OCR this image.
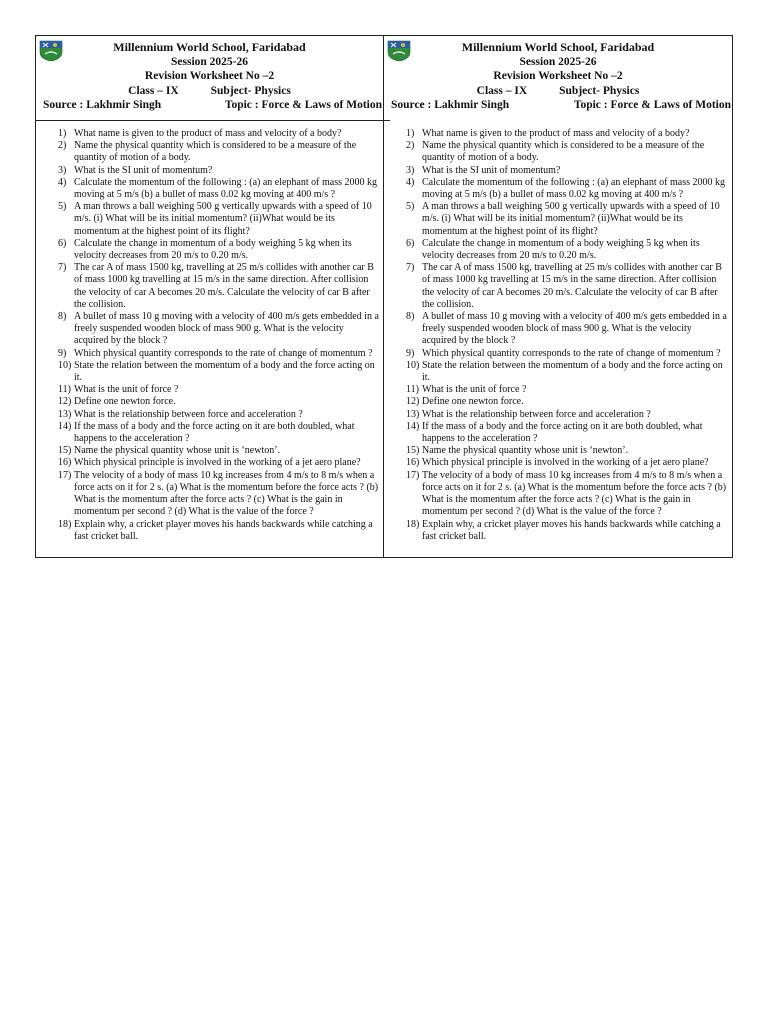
Millennium World School, Faridabad
Session 2025-26
Revision Worksheet No –2
Class – IX	Subject- Physics
Source : Lakhmir Singh	Topic : Force & Laws of Motion
1) What name is given to the product of mass and velocity of a body?
2) Name the physical quantity which is considered to be a measure of the quantity of motion of a body.
3) What is the SI unit of momentum?
4) Calculate the momentum of the following : (a) an elephant of mass 2000 kg moving at 5 m/s (b) a bullet of mass 0.02 kg moving at 400 m/s ?
5) A man throws a ball weighing 500 g vertically upwards with a speed of 10 m/s. (i) What will be its initial momentum? (ii)What would be its momentum at the highest point of its flight?
6) Calculate the change in momentum of a body weighing 5 kg when its velocity decreases from 20 m/s to 0.20 m/s.
7) The car A of mass 1500 kg, travelling at 25 m/s collides with another car B of mass 1000 kg travelling at 15 m/s in the same direction. After collision the velocity of car A becomes 20 m/s. Calculate the velocity of car B after the collision.
8) A bullet of mass 10 g moving with a velocity of 400 m/s gets embedded in a freely suspended wooden block of mass 900 g. What is the velocity acquired by the block ?
9) Which physical quantity corresponds to the rate of change of momentum ?
10) State the relation between the momentum of a body and the force acting on it.
11) What is the unit of force ?
12) Define one newton force.
13) What is the relationship between force and acceleration ?
14) If the mass of a body and the force acting on it are both doubled, what happens to the acceleration ?
15) Name the physical quantity whose unit is ‘newton’.
16) Which physical principle is involved in the working of a jet aero plane?
17) The velocity of a body of mass 10 kg increases from 4 m/s to 8 m/s when a force acts on it for 2 s. (a) What is the momentum before the force acts ? (b) What is the momentum after the force acts ? (c) What is the gain in momentum per second ? (d) What is the value of the force ?
18) Explain why, a cricket player moves his hands backwards while catching a fast cricket ball.
Millennium World School, Faridabad
Session 2025-26
Revision Worksheet No –2
Class – IX	Subject- Physics
Source : Lakhmir Singh	Topic : Force & Laws of Motion
1) What name is given to the product of mass and velocity of a body?
2) Name the physical quantity which is considered to be a measure of the quantity of motion of a body.
3) What is the SI unit of momentum?
4) Calculate the momentum of the following : (a) an elephant of mass 2000 kg moving at 5 m/s (b) a bullet of mass 0.02 kg moving at 400 m/s ?
5) A man throws a ball weighing 500 g vertically upwards with a speed of 10 m/s. (i) What will be its initial momentum? (ii)What would be its momentum at the highest point of its flight?
6) Calculate the change in momentum of a body weighing 5 kg when its velocity decreases from 20 m/s to 0.20 m/s.
7) The car A of mass 1500 kg, travelling at 25 m/s collides with another car B of mass 1000 kg travelling at 15 m/s in the same direction. After collision the velocity of car A becomes 20 m/s. Calculate the velocity of car B after the collision.
8) A bullet of mass 10 g moving with a velocity of 400 m/s gets embedded in a freely suspended wooden block of mass 900 g. What is the velocity acquired by the block ?
9) Which physical quantity corresponds to the rate of change of momentum ?
10) State the relation between the momentum of a body and the force acting on it.
11) What is the unit of force ?
12) Define one newton force.
13) What is the relationship between force and acceleration ?
14) If the mass of a body and the force acting on it are both doubled, what happens to the acceleration ?
15) Name the physical quantity whose unit is ‘newton’.
16) Which physical principle is involved in the working of a jet aero plane?
17) The velocity of a body of mass 10 kg increases from 4 m/s to 8 m/s when a force acts on it for 2 s. (a) What is the momentum before the force acts ? (b) What is the momentum after the force acts ? (c) What is the gain in momentum per second ? (d) What is the value of the force ?
18) Explain why, a cricket player moves his hands backwards while catching a fast cricket ball.
